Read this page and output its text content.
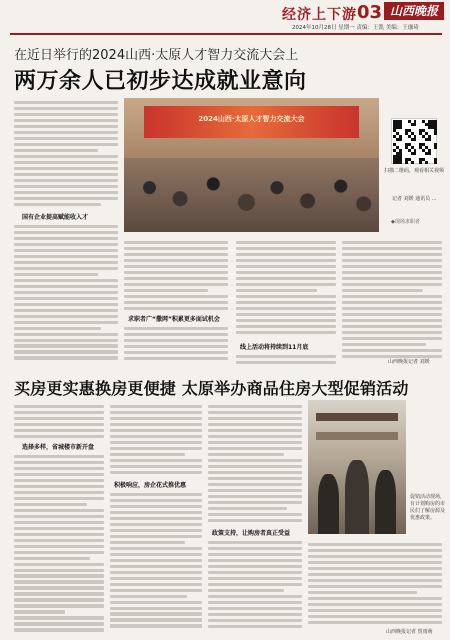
经济上下游 03 山西晚报
2024年10月28日 星期一 责编：王凯 美编：王珈琦
在近日举行的2024山西·太原人才智力交流大会上
两万余人已初步达成就业意向
国有企业提高赋能收入才
2024山西·太原人才智力交流大会
扫描二维码，观看相关视频
记者 刘媛 通讯员 ...
◆现场求职者
求职者广“撒网”积累更多面试机会
线上活动将持续到11月底
山西晚报记者 刘媛
买房更实惠换房更便捷 太原举办商品住房大型促销活动
选择多样，省城楼市新开盘
积极响应，房企花式推优惠
政策支持，让购房者真正受益
促销活动现场，有计划购房的市民们了解房源及优惠政策。
山西晚报记者 贺雨萌
